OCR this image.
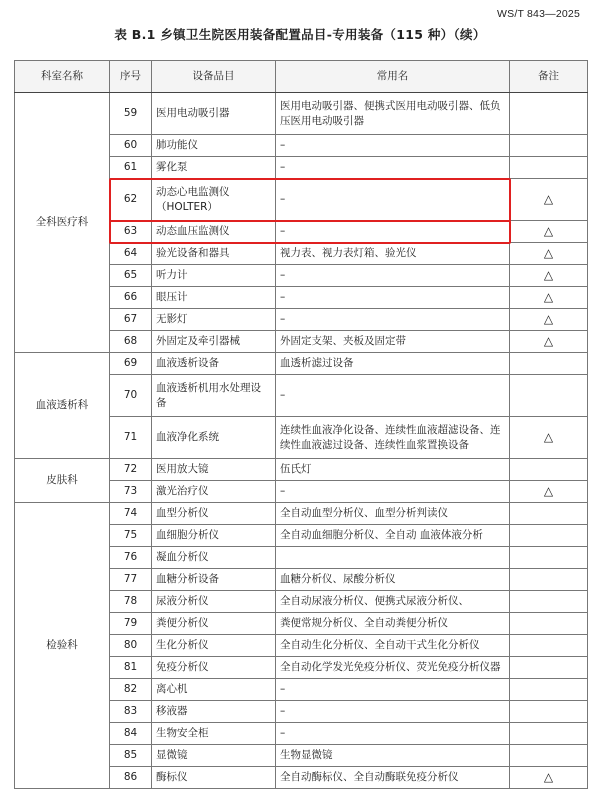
WS/T 843—2025
表 B.1 乡镇卫生院医用装备配置品目-专用装备（115 种）（续）
科室名称	序号	设备品目	常用名	备注
全科医疗科	59	医用电动吸引器	医用电动吸引器、便携式医用电动吸引器、低负压医用电动吸引器	
	60	肺功能仪	–	
	61	雾化泵	–	
	62	动态心电监测仪（HOLTER）	–	△
	63	动态血压监测仪	–	△
	64	验光设备和器具	视力表、视力表灯箱、验光仪	△
	65	听力计	–	△
	66	眼压计	–	△
	67	无影灯	–	△
	68	外固定及牵引器械	外固定支架、夹板及固定带	△
血液透析科	69	血液透析设备	血透析滤过设备	
	70	血液透析机用水处理设备	–	
	71	血液净化系统	连续性血液净化设备、连续性血液超滤设备、连续性血液滤过设备、连续性血浆置换设备	△
皮肤科	72	医用放大镜	伍氏灯	
	73	激光治疗仪	–	△
检验科	74	血型分析仪	全自动血型分析仪、血型分析判读仪	
	75	血细胞分析仪	全自动血细胞分析仪、全自动 血液体液分析	
	76	凝血分析仪		
	77	血糖分析设备	血糖分析仪、尿酸分析仪	
	78	尿液分析仪	全自动尿液分析仪、便携式尿液分析仪、	
	79	粪便分析仪	粪便常规分析仪、全自动粪便分析仪	
	80	生化分析仪	全自动生化分析仪、全自动干式生化分析仪	
	81	免疫分析仪	全自动化学发光免疫分析仪、荧光免疫分析仪器	
	82	离心机	–	
	83	移液器	–	
	84	生物安全柜	–	
	85	显微镜	生物显微镜	
	86	酶标仪	全自动酶标仪、全自动酶联免疫分析仪	△
